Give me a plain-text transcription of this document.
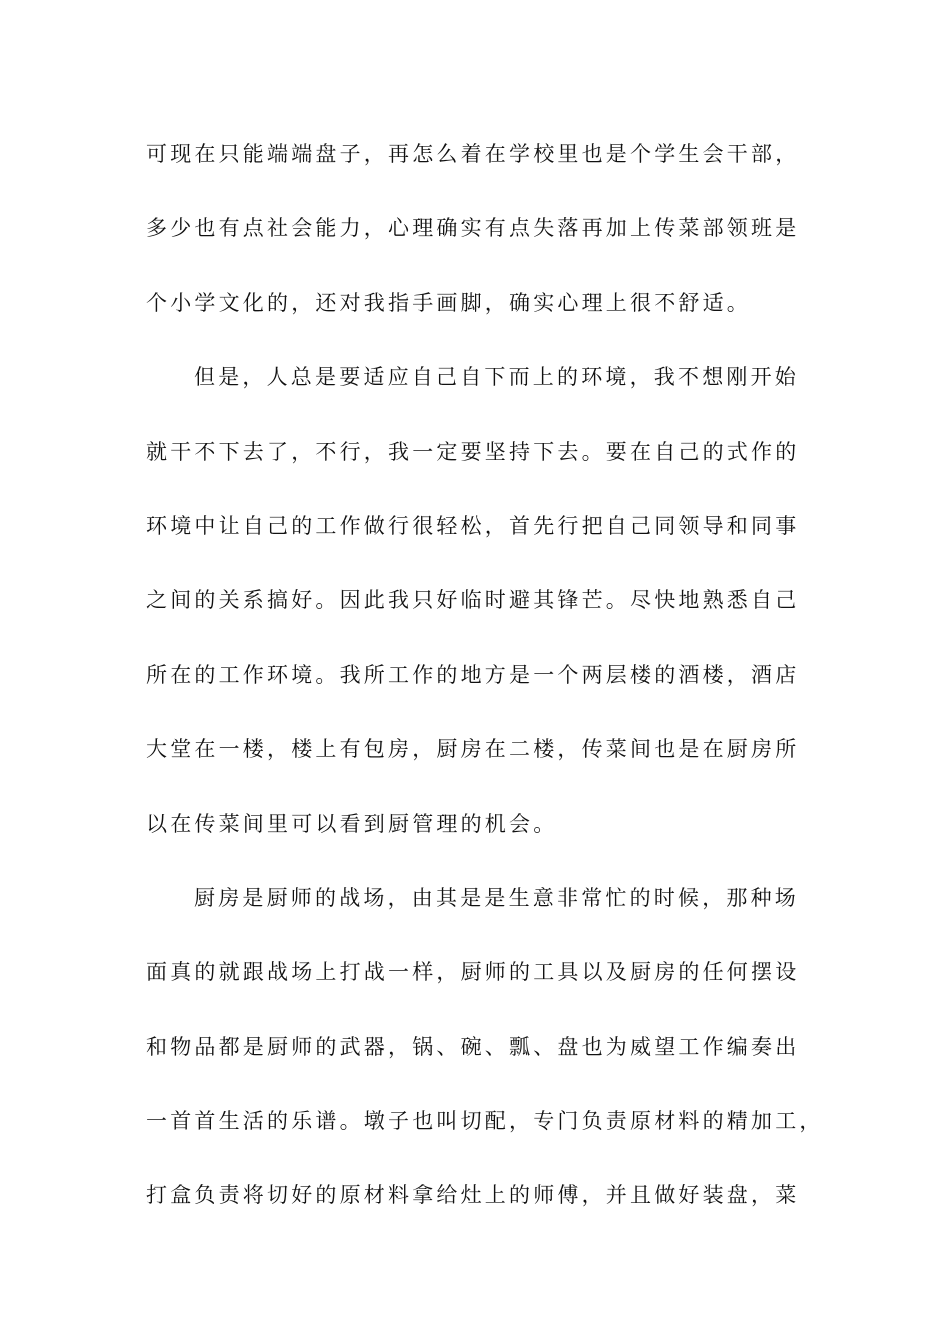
可现在只能端端盘子，再怎么着在学校里也是个学生会干部，
多少也有点社会能力，心理确实有点失落再加上传菜部领班是
个小学文化的，还对我指手画脚，确实心理上很不舒适。
但是，人总是要适应自己自下而上的环境，我不想刚开始
就干不下去了，不行，我一定要坚持下去。要在自己的式作的
环境中让自己的工作做行很轻松，首先行把自己同领导和同事
之间的关系搞好。因此我只好临时避其锋芒。尽快地熟悉自己
所在的工作环境。我所工作的地方是一个两层楼的酒楼，酒店
大堂在一楼，楼上有包房，厨房在二楼，传菜间也是在厨房所
以在传菜间里可以看到厨管理的机会。
厨房是厨师的战场，由其是是生意非常忙的时候，那种场
面真的就跟战场上打战一样，厨师的工具以及厨房的任何摆设
和物品都是厨师的武器，锅、碗、瓢、盘也为威望工作编奏出
一首首生活的乐谱。墩子也叫切配，专门负责原材料的精加工，
打盒负责将切好的原材料拿给灶上的师傅，并且做好装盘，菜
